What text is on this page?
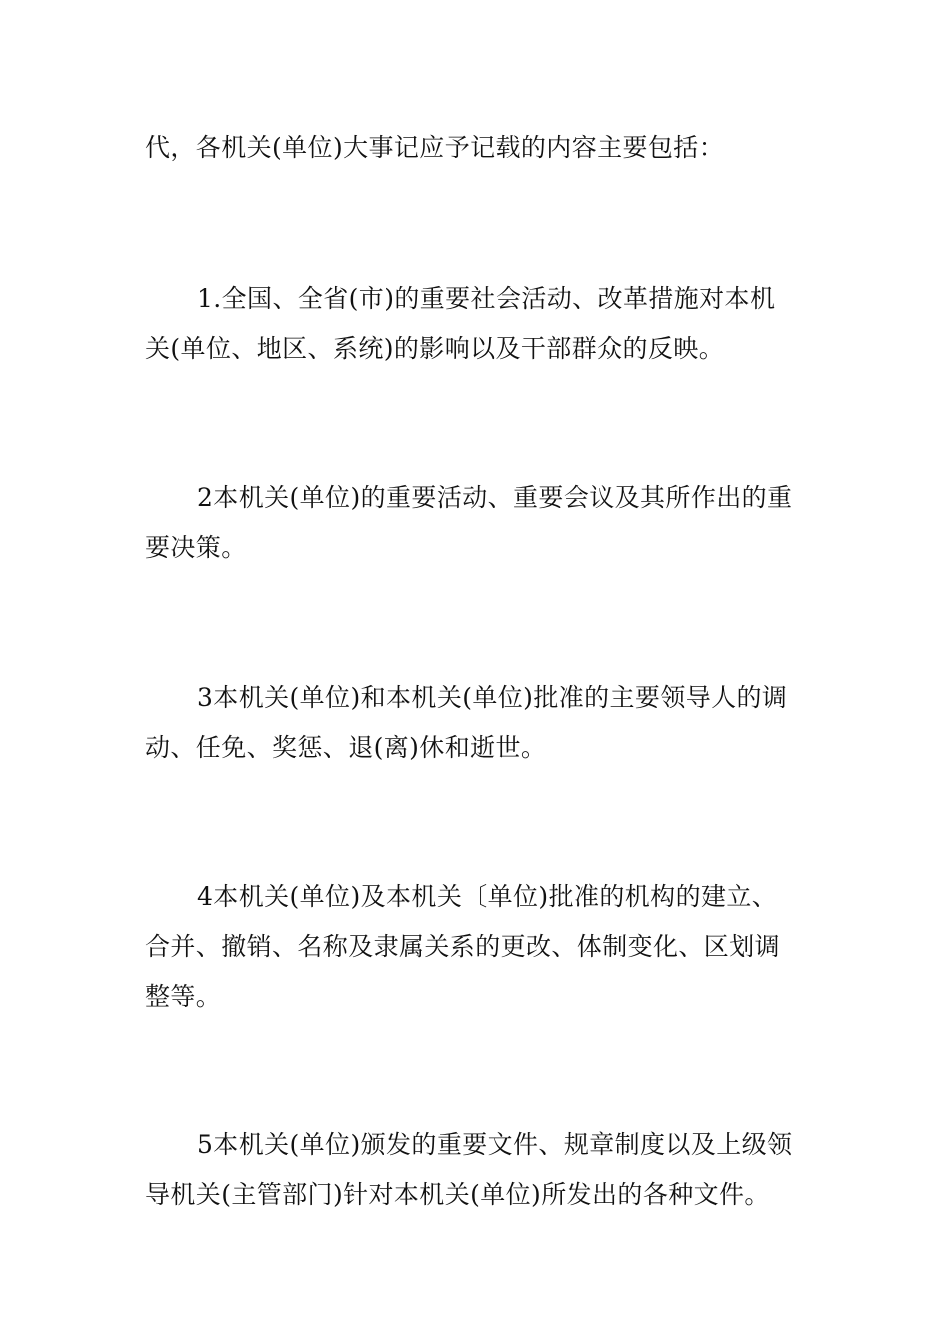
代，各机关(单位)大事记应予记载的内容主要包括：

1.全国、全省(市)的重要社会活动、改革措施对本机
关(单位、地区、系统)的影响以及干部群众的反映。

2本机关(单位)的重要活动、重要会议及其所作出的重
要决策。

3本机关(单位)和本机关(单位)批准的主要领导人的调
动、任免、奖惩、退(离)休和逝世。

4本机关(单位)及本机关〔单位)批准的机构的建立、
合并、撤销、名称及隶属关系的更改、体制变化、区划调
整等。

5本机关(单位)颁发的重要文件、规章制度以及上级领
导机关(主管部门)针对本机关(单位)所发出的各种文件。
